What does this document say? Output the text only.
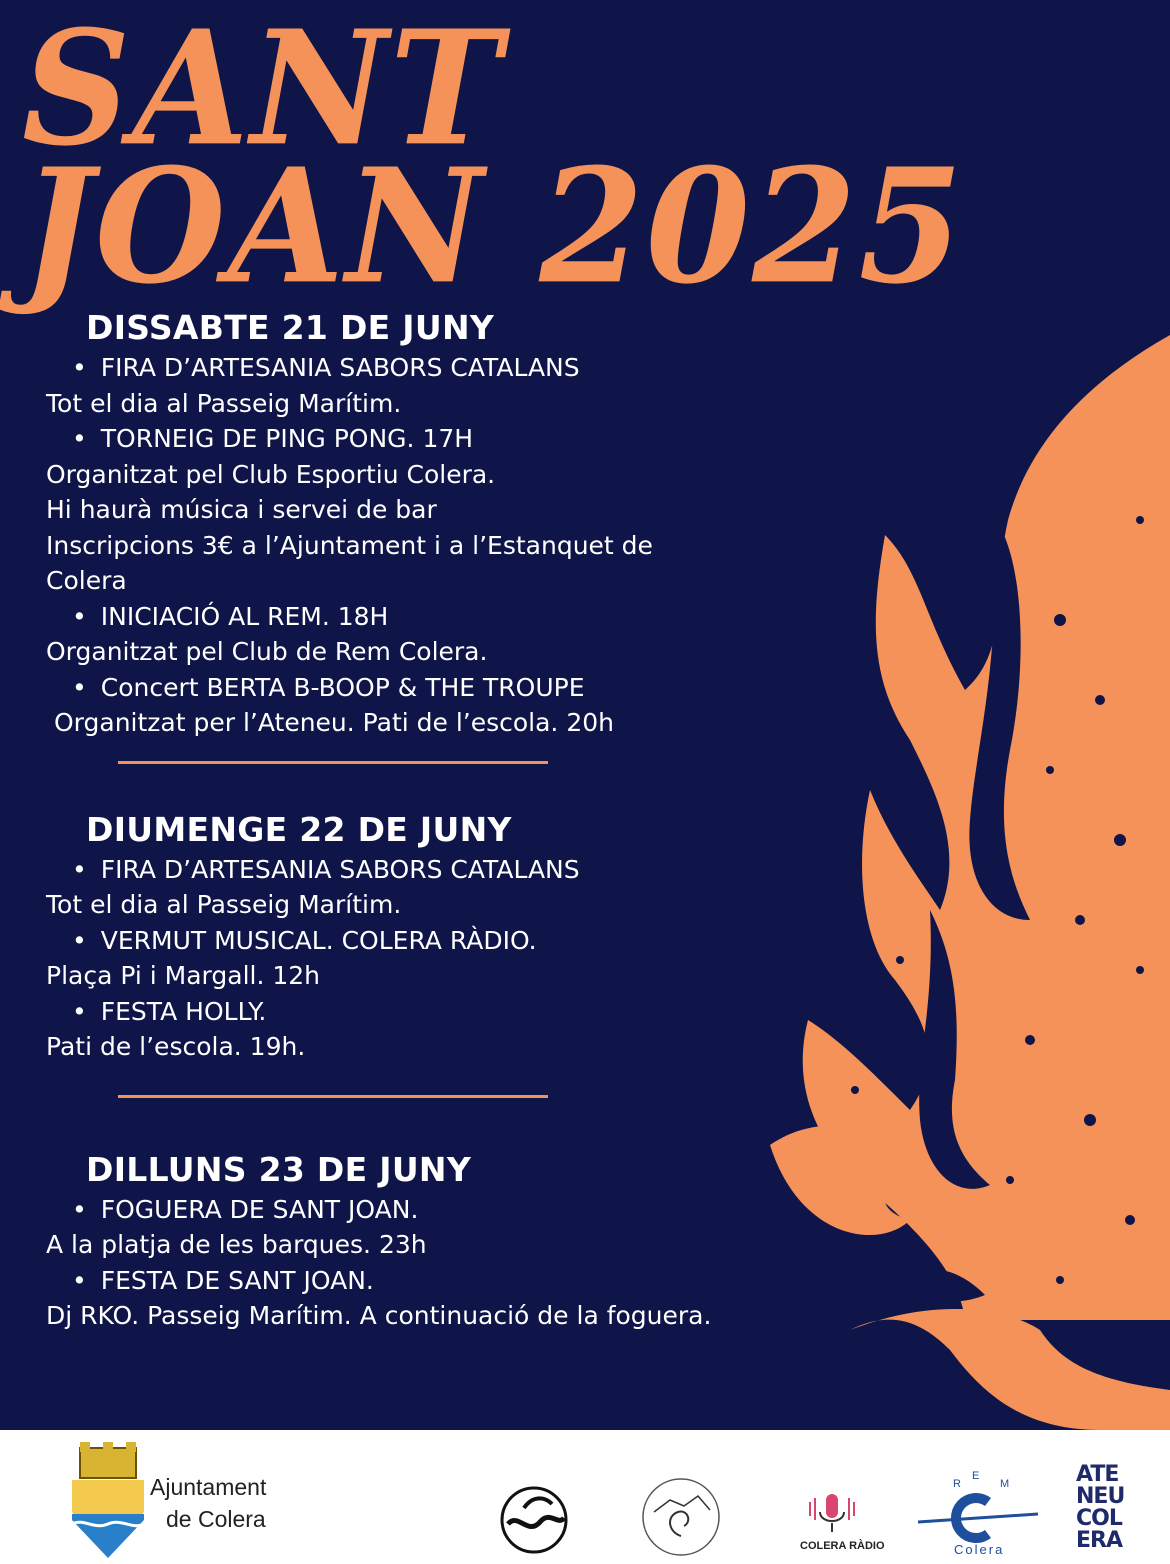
SANT
JOAN 2025
DISSABTE 21 DE JUNY
• FIRA D’ARTESANIA SABORS CATALANS
Tot el dia al Passeig Marítim.
• TORNEIG DE PING PONG. 17H
Organitzat pel Club Esportiu Colera.
Hi haurà música i servei de bar
Inscripcions 3€ a l’Ajuntament i a l’Estanquet de
Colera
• INICIACIÓ AL REM. 18H
Organitzat pel Club de Rem Colera.
• Concert BERTA B-BOOP & THE TROUPE
Organitzat per l’Ateneu. Pati de l’escola. 20h
DIUMENGE 22 DE JUNY
• FIRA D’ARTESANIA SABORS CATALANS
Tot el dia al Passeig Marítim.
• VERMUT MUSICAL. COLERA RÀDIO.
Plaça Pi i Margall. 12h
• FESTA HOLLY.
Pati de l’escola. 19h.
DILLUNS 23 DE JUNY
• FOGUERA DE SANT JOAN.
A la platja de les barques. 23h
• FESTA DE SANT JOAN.
Dj RKO. Passeig Marítim. A continuació de la foguera.
Ajuntament
de Colera
COLERA RÀDIO
R
E
M
Colera
ATE
NEU
COL
ERA
